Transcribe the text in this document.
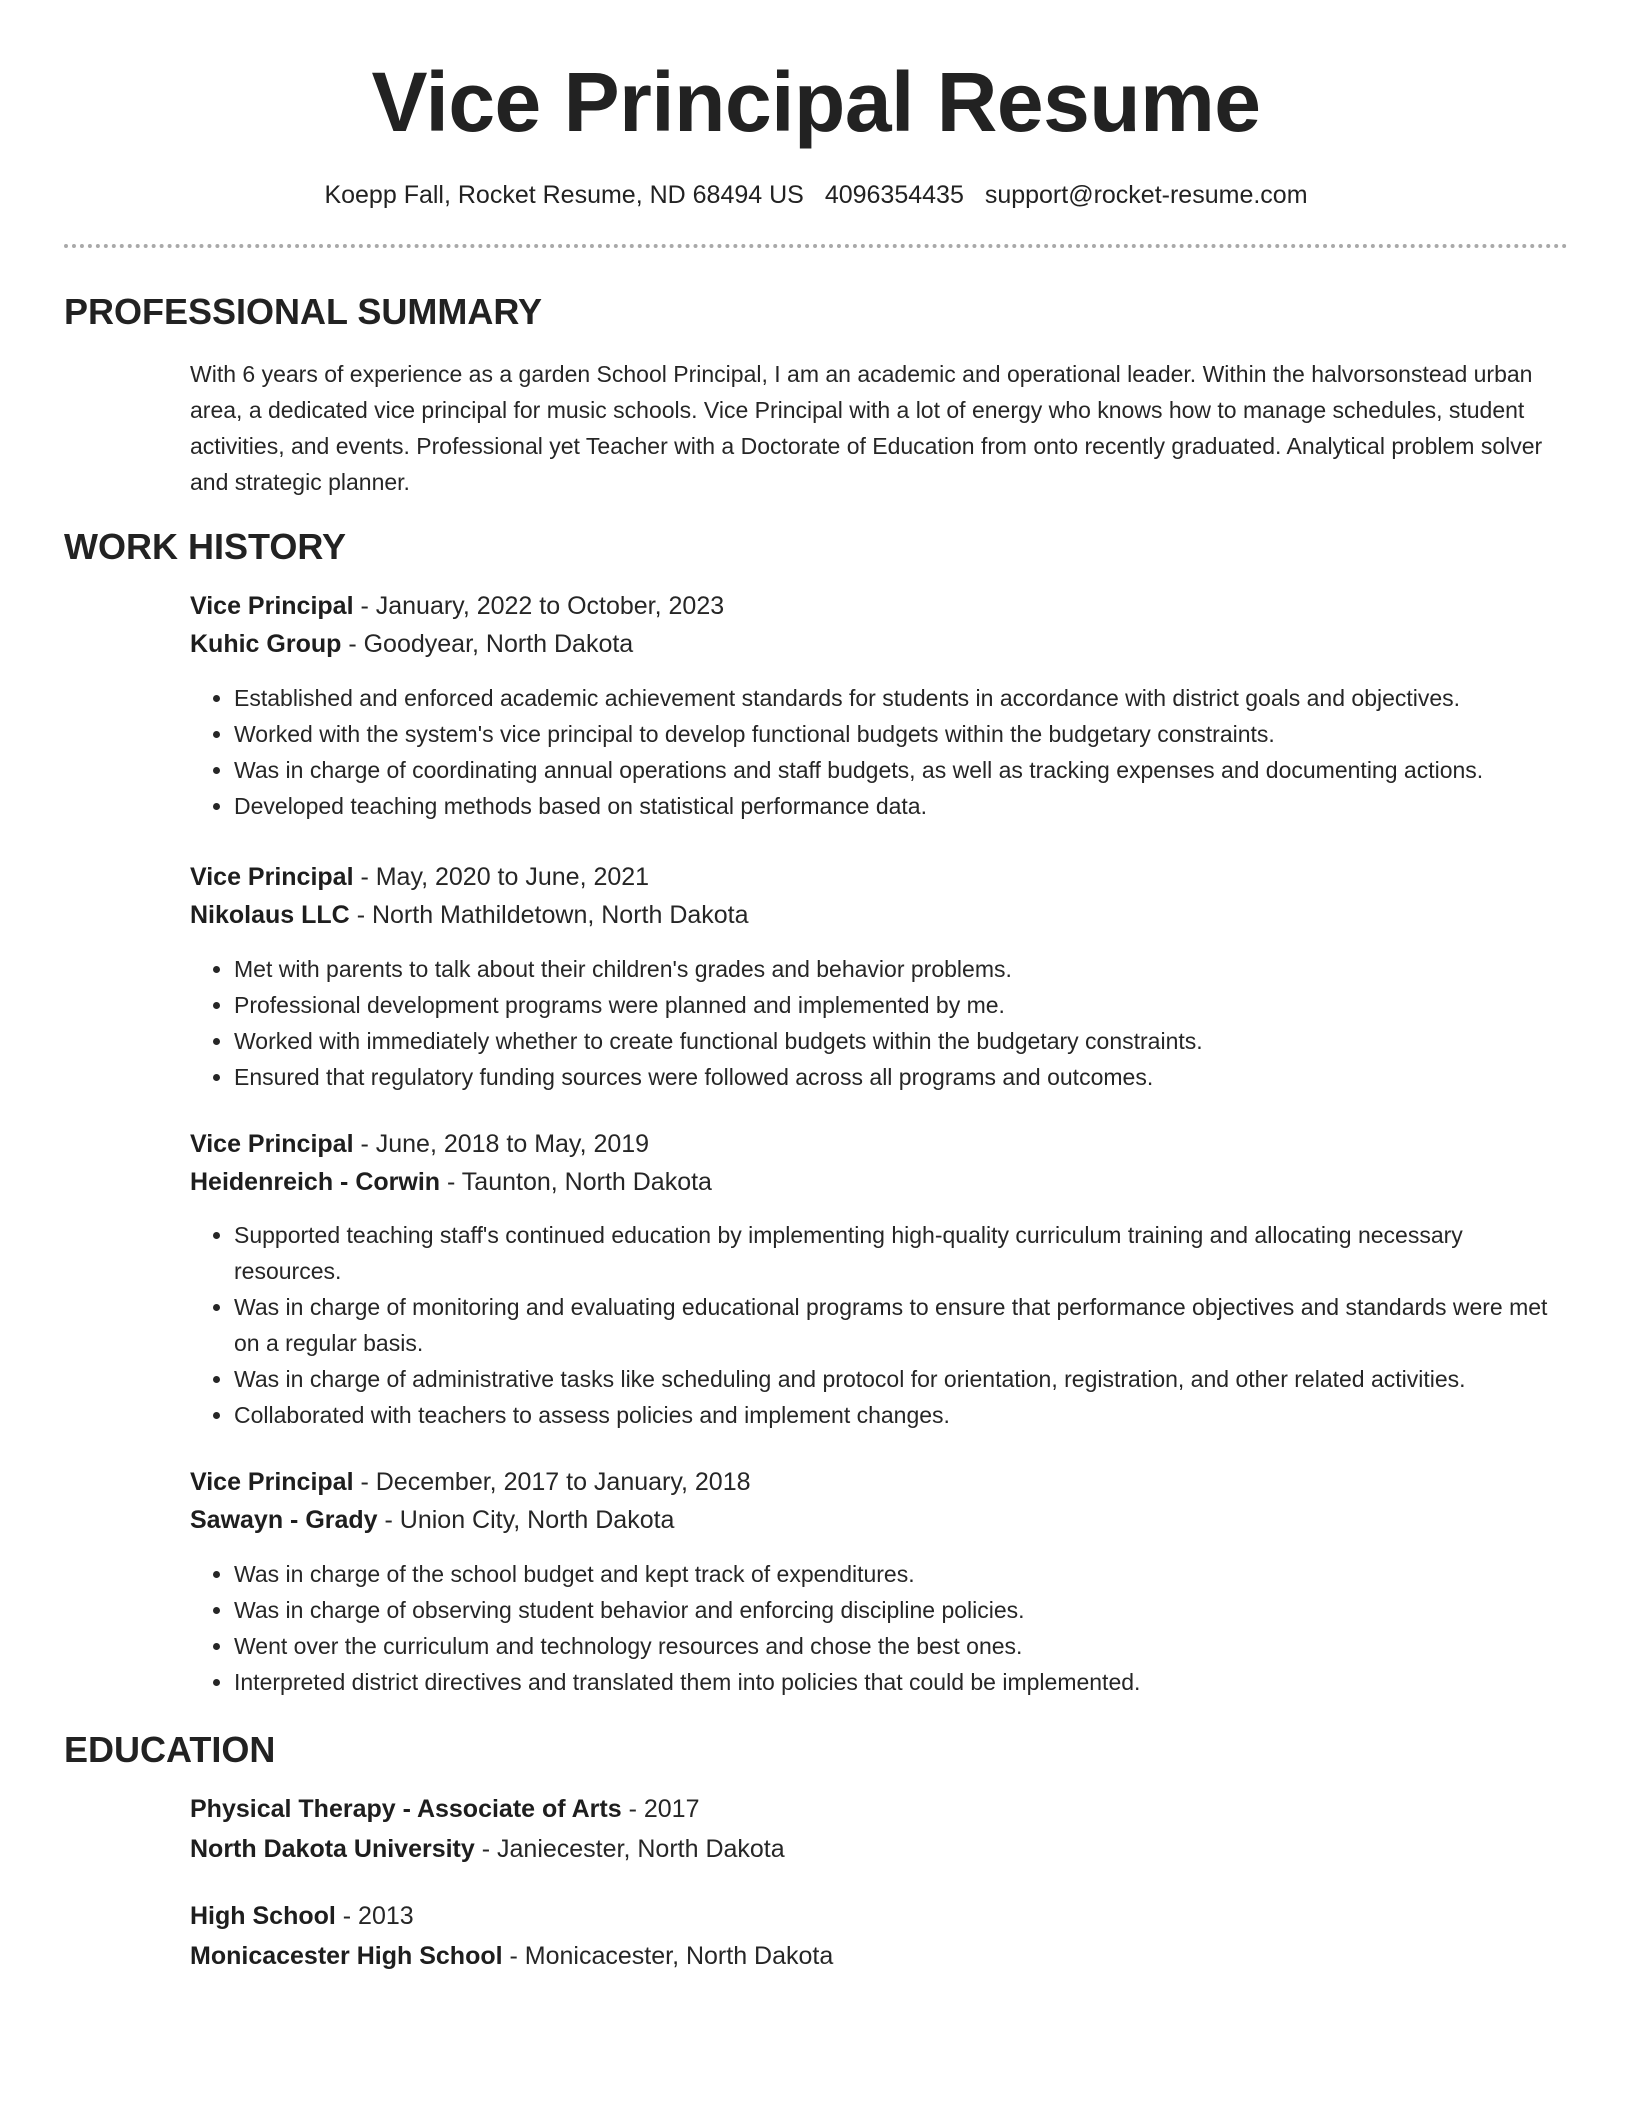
Vice Principal Resume
Koepp Fall, Rocket Resume, ND 68494 US 4096354435 support@rocket-resume.com
PROFESSIONAL SUMMARY
With 6 years of experience as a garden School Principal, I am an academic and operational leader. Within the halvorsonstead urban area, a dedicated vice principal for music schools. Vice Principal with a lot of energy who knows how to manage schedules, student activities, and events. Professional yet Teacher with a Doctorate of Education from onto recently graduated. Analytical problem solver and strategic planner.
WORK HISTORY
Vice Principal - January, 2022 to October, 2023
Kuhic Group - Goodyear, North Dakota
• Established and enforced academic achievement standards for students in accordance with district goals and objectives.
• Worked with the system's vice principal to develop functional budgets within the budgetary constraints.
• Was in charge of coordinating annual operations and staff budgets, as well as tracking expenses and documenting actions.
• Developed teaching methods based on statistical performance data.
Vice Principal - May, 2020 to June, 2021
Nikolaus LLC - North Mathildetown, North Dakota
• Met with parents to talk about their children's grades and behavior problems.
• Professional development programs were planned and implemented by me.
• Worked with immediately whether to create functional budgets within the budgetary constraints.
• Ensured that regulatory funding sources were followed across all programs and outcomes.
Vice Principal - June, 2018 to May, 2019
Heidenreich - Corwin - Taunton, North Dakota
• Supported teaching staff's continued education by implementing high-quality curriculum training and allocating necessary resources.
• Was in charge of monitoring and evaluating educational programs to ensure that performance objectives and standards were met on a regular basis.
• Was in charge of administrative tasks like scheduling and protocol for orientation, registration, and other related activities.
• Collaborated with teachers to assess policies and implement changes.
Vice Principal - December, 2017 to January, 2018
Sawayn - Grady - Union City, North Dakota
• Was in charge of the school budget and kept track of expenditures.
• Was in charge of observing student behavior and enforcing discipline policies.
• Went over the curriculum and technology resources and chose the best ones.
• Interpreted district directives and translated them into policies that could be implemented.
EDUCATION
Physical Therapy - Associate of Arts - 2017
North Dakota University - Janiecester, North Dakota
High School - 2013
Monicacester High School - Monicacester, North Dakota
